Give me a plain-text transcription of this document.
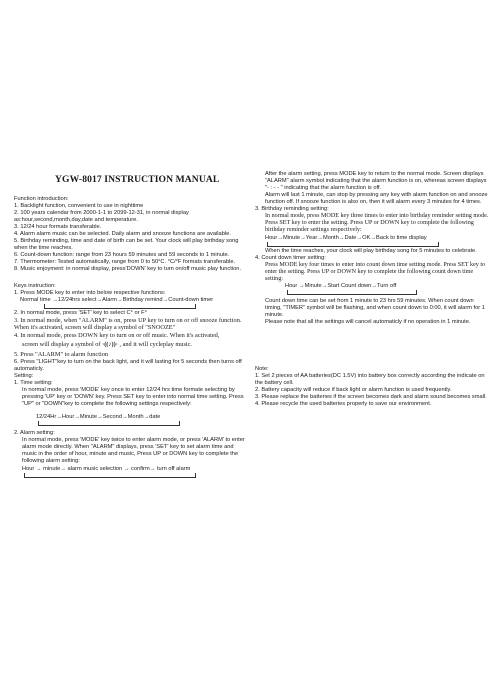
YGW-8017 INSTRUCTION MANUAL

Function introduction:

1. Backlight function, convenient to use in nighttime

2. 100 years calendar from 2000-1-1 to 2099-12-31, in normal display as:hour,second,month,day,date and temperature.

3. 12/24 hour formats transferable.

4. Alarm alarm music can be selected. Daily alarm and snooze functions are available.

5. Birthday reminding, time and date of birth can be set. Your clock will play birthday song when the time reaches.

6. Count-down function: range from 23 hours 59 minutes and 59 seconds to 1 minute.

7. Thermometer: Tested automatically, range from 0 to 50°C. °C/°F formats transferable.

8. Music enjoyment: in normal display, press'DOWN' key to turn on/off music play function.

Keys instruction:

1. Press MODE key to enter into below respective functions:

Normal time →12/24hrs select→Alarm→Birthday remind→Count-down timer

2. In normal mode, press 'SET' key to select C° or F°

3. In normal mode, when "ALARM" is on, press UP key to turn on or off snooze function. When it's activated, screen will display a symbol of "SNOOZE"

4. In normal mode, press DOWN key to turn on or off music. When it's activated,

screen will display a symbol of ·((♪))· , and it will cycleplay music.

5. Press "ALARM" to alarm function

6. Press "LIGHT"key to turn on the back light, and it will lasting for 5 seconds then turns off automaticly.

Setting:

1. Time setting:

In normal mode, press 'MODE' key once to enter 12/24 hrs time formate selecting by pressing 'UP' key or 'DOWN' key. Press SET key to enter into normal time setting. Press "UP" or "DOWN"key to complete the following settings respectively:

12/24Hr→Hour→Minute→Second→Month→date

2. Alarm setting:

In normal mode, press 'MODE' key twice to enter alarm mode, or press 'ALARM' to enter alarm mode directly. When "ALARM" displays, press 'SET' key to set alarm time and music in the order of hour, minute and music, Press UP or DOWN key to complete the following alarm setting:

Hour → minute→ alarm music selection → confirm→ turn off alarm

After the alarm setting, press MODE key to return to the normal mode. Screen displays "ALARM" alarm symbol indicating that the alarm function is on, whereas screen displays "- : - - " indicating that the alarm function is off.

Alarm will last 1 minute, can stop by pressing any key with alarm function on and snooze function off. If snooze function is also on, then it will alarm every 3 minutes for 4 times.

3. Birthday reminding setting:

In normal mode, press MODE key three times to enter into birthday reminder setting mode. Press SET key to enter the setting. Press UP or DOWN key to complete the following birthday reminder settings respectively:

Hour→Minute→Year→Month→Date→OK→Back to time display

When the time reaches, your clock will play birthday song for 5 minutes to celebrate.

4. Count down timer setting:

Press MODE key four times to enter into count down time setting mode. Press SET key to enter the setting. Press UP or DOWN key to complete the following count down time setting:

Hour →Minute→Start Count down→Turn off

Count down time can be set from 1 minute to 23 hrs 59 minutes. When count down timing, "TIMER" symbol will be flashing, and when count down to 0:00, it will alarm for 1 minute.

Please note that all the settings will cancel automaticly if no operation in 1 minute.

Note:

1. Set 2 pieces of AA batteries(DC 1.5V) into battery box correctly according the indicate on the battery cell.

2. Battery capacity will reduce if back light or alarm function is used frequently.

3. Please replace the batteries if the screen becomes dark and alarm sound becomes small.

4. Please recycle the used batteries properly to save our environment.
